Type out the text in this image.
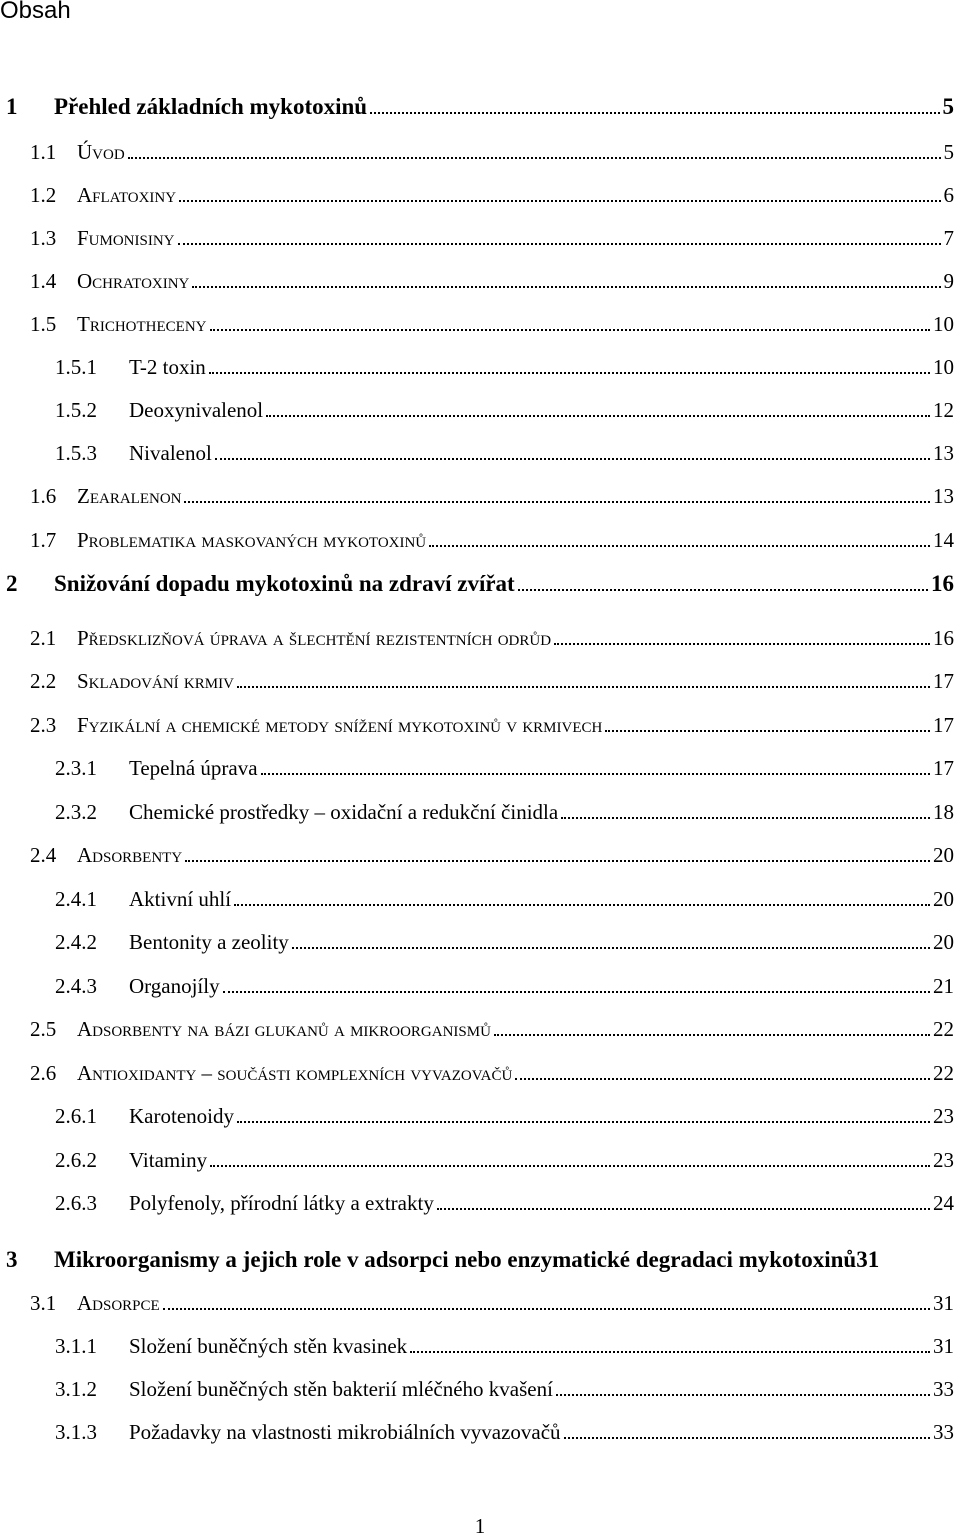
Obsah
1	Přehled základních mykotoxinů	5
1.1 Úvod	5
1.2 Aflatoxiny	6
1.3 Fumonisiny	7
1.4 Ochratoxiny	9
1.5 Trichotheceny	10
1.5.1	T-2 toxin	10
1.5.2	Deoxynivalenol	12
1.5.3	Nivalenol	13
1.6 Zearalenon	13
1.7 Problematika maskovaných mykotoxinů	14
2	Snižování dopadu mykotoxinů na zdraví zvířat	16
2.1 Předsklizňová úprava a šlechtění rezistentních odrůd	16
2.2 Skladování krmiv	17
2.3 Fyzikální a chemické metody snížení mykotoxinů v krmivech	17
2.3.1	Tepelná úprava	17
2.3.2	Chemické prostředky – oxidační a redukční činidla	18
2.4 Adsorbenty	20
2.4.1	Aktivní uhlí	20
2.4.2	Bentonity a zeolity	20
2.4.3	Organojíly	21
2.5 Adsorbenty na bázi glukanů a mikroorganismů	22
2.6 Antioxidanty – součásti komplexních vyvazovačů	22
2.6.1	Karotenoidy	23
2.6.2	Vitaminy	23
2.6.3	Polyfenoly, přírodní látky a extrakty	24
3	Mikroorganismy a jejich role v adsorpci nebo enzymatické degradaci mykotoxinů 31
3.1 Adsorpce	31
3.1.1	Složení buněčných stěn kvasinek	31
3.1.2	Složení buněčných stěn bakterií mléčného kvašení	33
3.1.3	Požadavky na vlastnosti mikrobiálních vyvazovačů	33
1
